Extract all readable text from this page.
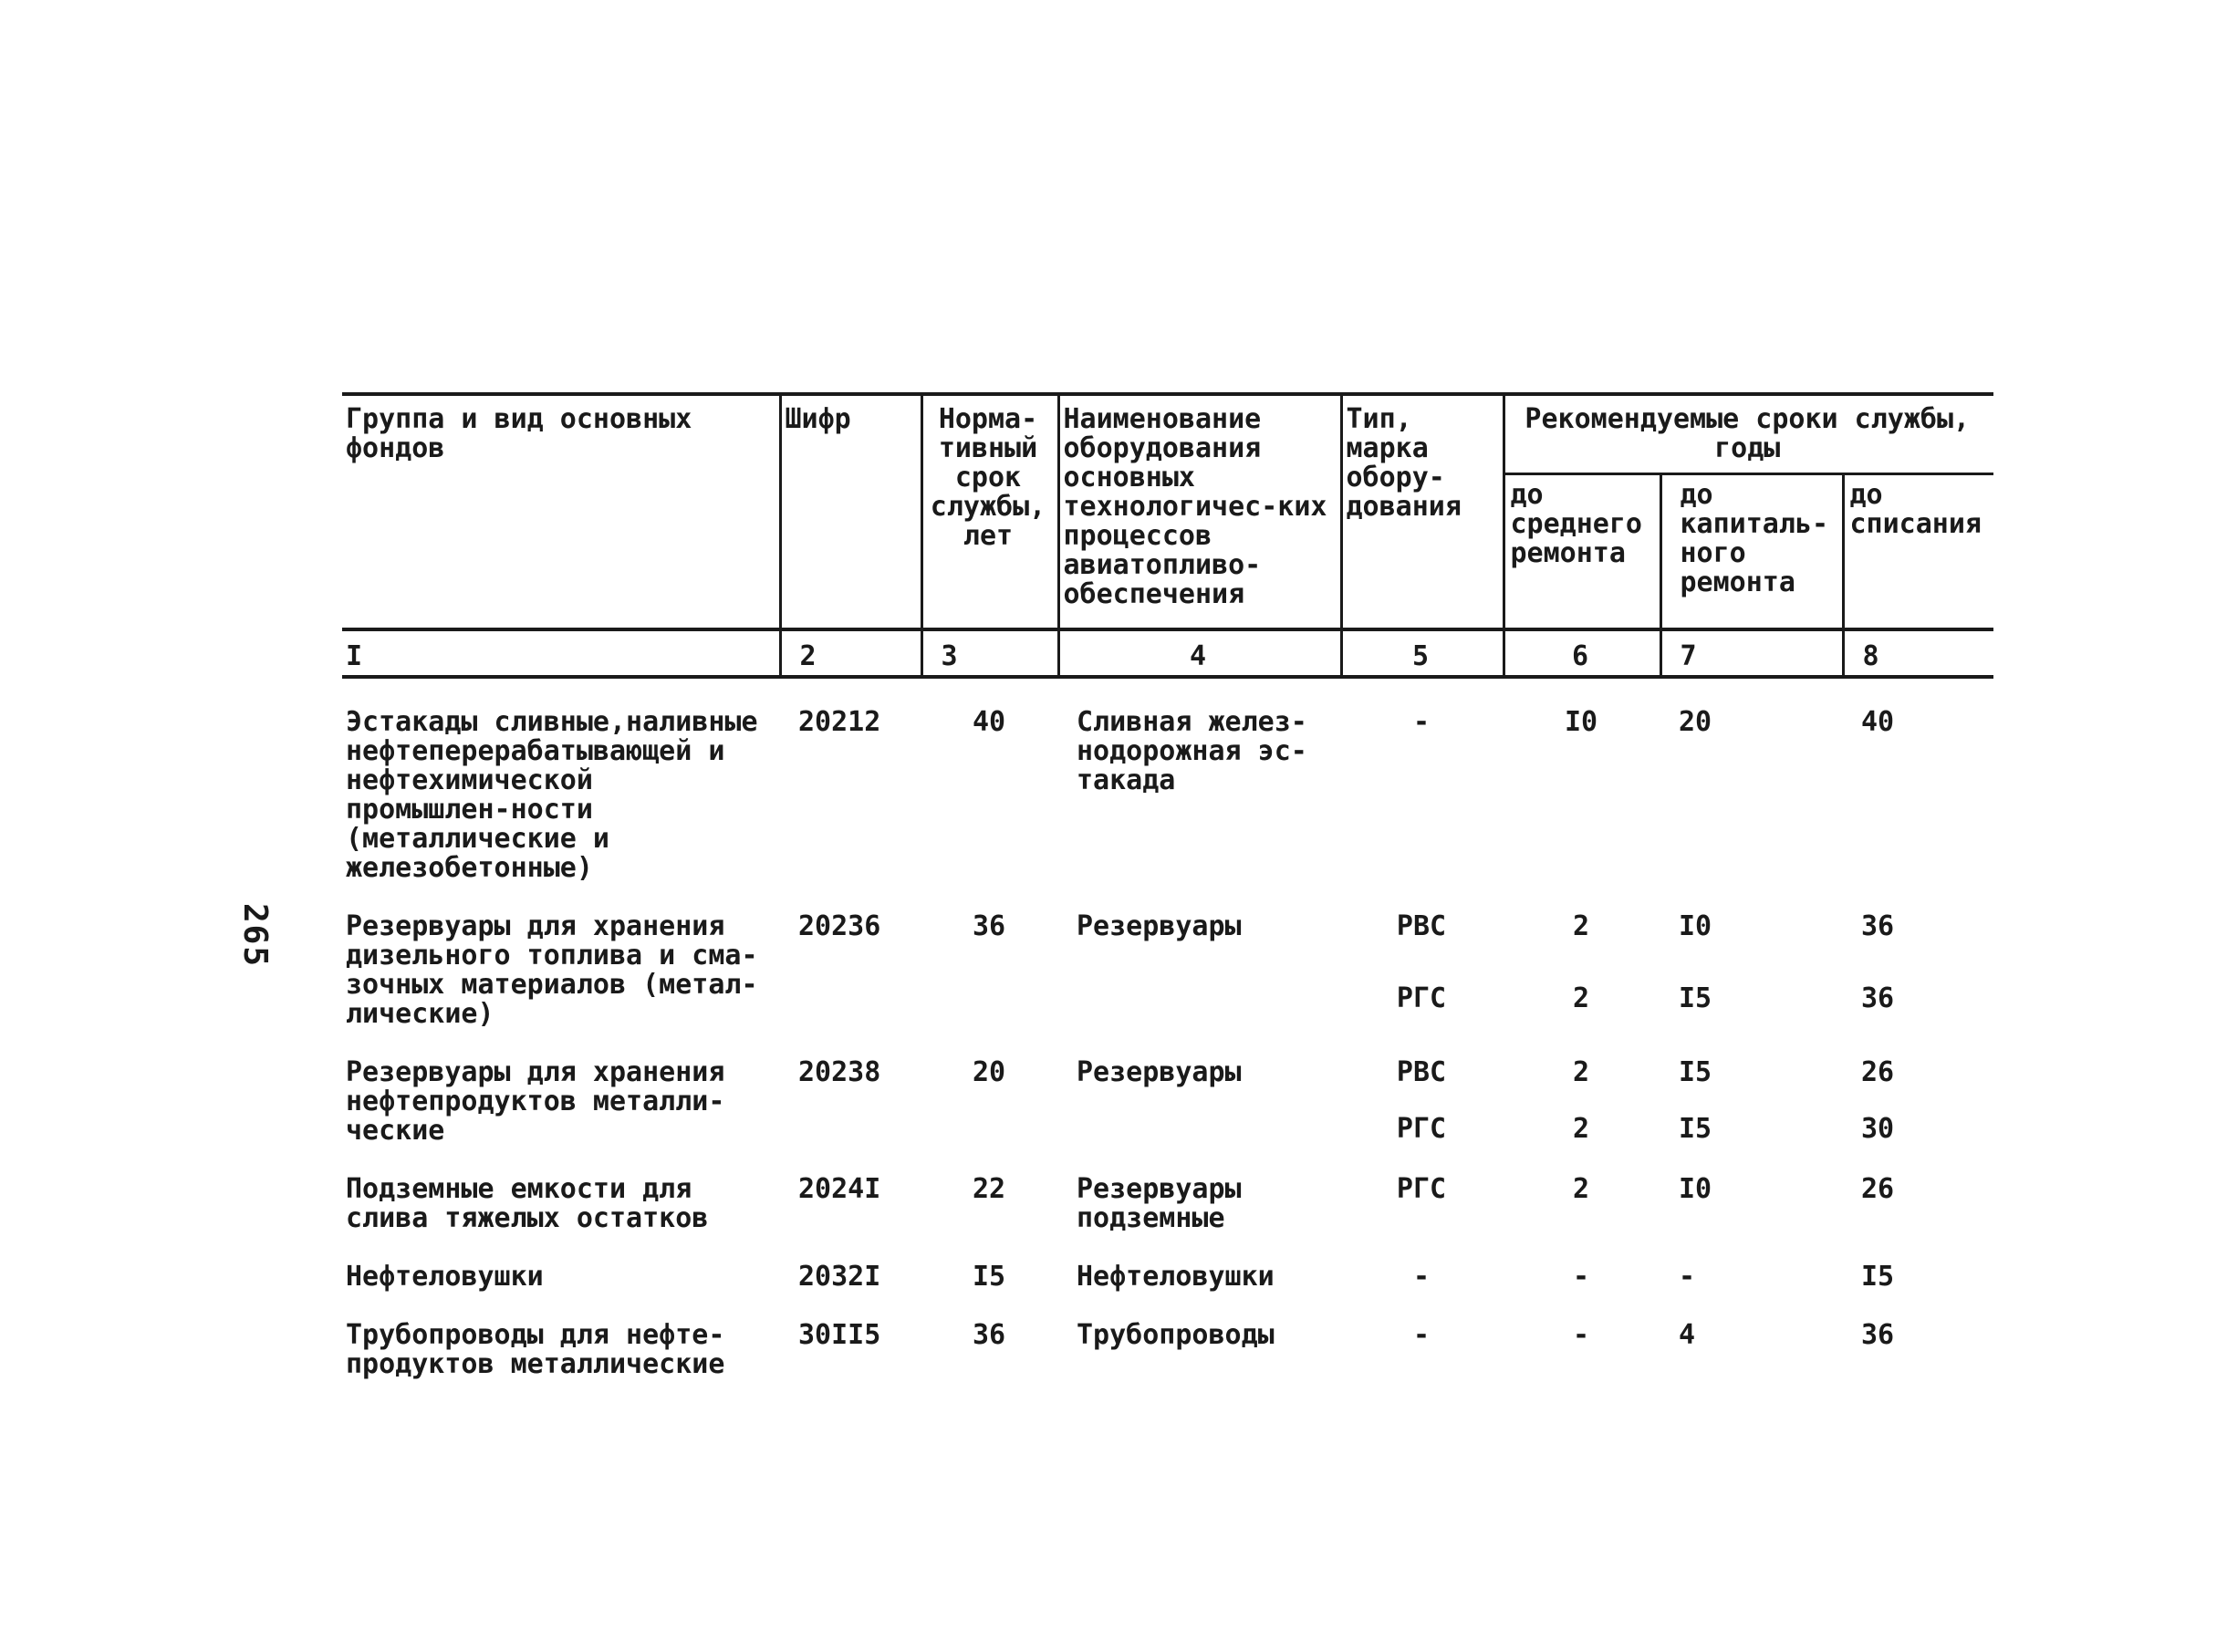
265
Группа и вид основных фондов	Шифр	Норма-тивный срок службы, лет	Наименование оборудования основных технологичес-ких процессов авиатопливо-обеспечения	Тип, марка обору-дования	Рекомендуемые сроки службы, годы		
					до среднего ремонта	до капиталь-ного ремонта	до списания
I	2	3	4	5	6	7	8
Эстакады сливные,наливные нефтеперерабатывающей и нефтехимической промышлен-ности (металлические и железобетонные)	20212	40	Сливная желез-нодорожная эс-такада	-	I0	20	40
Резервуары для хранения дизельного топлива и сма-зочных материалов (метал-лические)	20236	36	Резервуары	РВС	2	I0	36
				РГС	2	I5	36
Резервуары для хранения нефтепродуктов металли-ческие	20238	20	Резервуары	РВС	2	I5	26
				РГС	2	I5	30
Подземные емкости для слива тяжелых остатков	2024I	22	Резервуары подземные	РГС	2	I0	26
Нефтеловушки	2032I	I5	Нефтеловушки	-	-	-	I5
Трубопроводы для нефте-продуктов металлические	30II5	36	Трубопроводы	-	-	4	36
